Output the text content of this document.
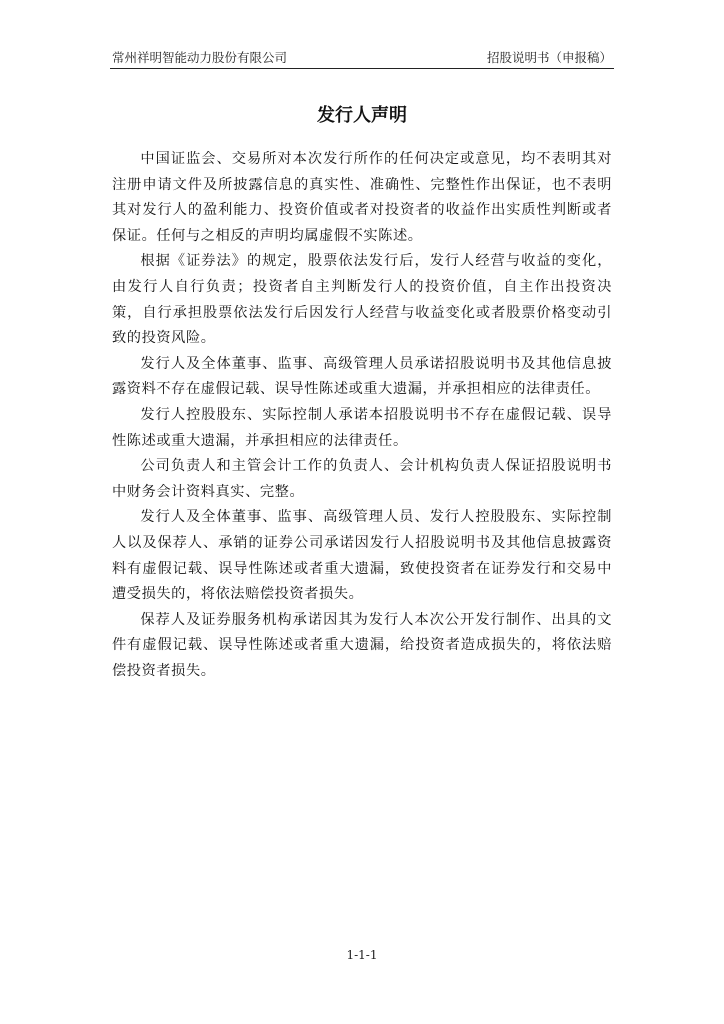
常州祥明智能动力股份有限公司	招股说明书（申报稿）
发行人声明

中国证监会、交易所对本次发行所作的任何决定或意见，均不表明其对注册申请文件及所披露信息的真实性、准确性、完整性作出保证，也不表明其对发行人的盈利能力、投资价值或者对投资者的收益作出实质性判断或者保证。任何与之相反的声明均属虚假不实陈述。

根据《证券法》的规定，股票依法发行后，发行人经营与收益的变化，由发行人自行负责；投资者自主判断发行人的投资价值，自主作出投资决策，自行承担股票依法发行后因发行人经营与收益变化或者股票价格变动引致的投资风险。

发行人及全体董事、监事、高级管理人员承诺招股说明书及其他信息披露资料不存在虚假记载、误导性陈述或重大遗漏，并承担相应的法律责任。

发行人控股股东、实际控制人承诺本招股说明书不存在虚假记载、误导性陈述或重大遗漏，并承担相应的法律责任。

公司负责人和主管会计工作的负责人、会计机构负责人保证招股说明书中财务会计资料真实、完整。

发行人及全体董事、监事、高级管理人员、发行人控股股东、实际控制人以及保荐人、承销的证券公司承诺因发行人招股说明书及其他信息披露资料有虚假记载、误导性陈述或者重大遗漏，致使投资者在证券发行和交易中遭受损失的，将依法赔偿投资者损失。

保荐人及证券服务机构承诺因其为发行人本次公开发行制作、出具的文件有虚假记载、误导性陈述或者重大遗漏，给投资者造成损失的，将依法赔偿投资者损失。

1-1-1
